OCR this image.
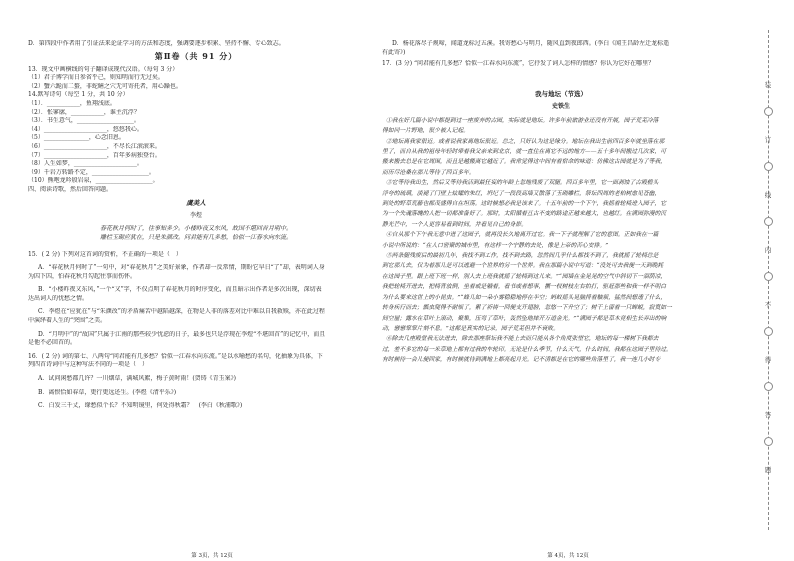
D．第四段中作者用了引证法来论证学习的方法和态度，强调要逐步积累、坚持不懈、专心致志。

第Ⅱ卷（共 91 分）

13．现文中画横线的句子翻译成现代汉语。（每句 3 分）

（1）君子博学而日参省乎己，则知明而行无过矣。

（2）蟹六跪而二螯，非蛇鳝之穴无可寄托者，用心躁也。

14.默写诗句（每空 1 分，共 10 分）

（1）．___________，鱼翔浅底。

（2）．怅寥廓，___________，谁主沉浮？

（3）．书生意气，___________________。

（4）_____________________，悠悠我心。

（5）_______________，心念旧恩。

（6）_____________________，不尽长江滚滚来。

（7）_____________________，百年多病独登台。

（8）人生如梦，_____________________。

（9）千岩万转路不定，___________________。

（10）熊咆龙吟殷岩泉，___________________。

四、阅读诗歌，然后回答问题。

虞美人
李煜
春花秋月何时了，往事知多少。小楼昨夜又东风，故国不堪回首月明中。
雕栏玉砌应犹在，只是朱颜改。问君能有几多愁，恰似一江春水向东流。

15．( 2 分) 下列对这首词的赏析，不正确的一项是（　）

A．“春花秋月何时了”一句中，对“春花秋月”之美好景象，作者却一反常情，期盼它早日“了”却，表明词人身

为囚下囚，怕春花秋月勾起往事而伤怀。

B．“小楼昨夜又东风，”一个“又”字，不仅点明了春花秋月的时序变化，而且暗示出作者是多次出现，深切表

达出词人的忧愁之情。

C．李煜在“应犹在”与“朱颜改”的矛盾痛苦中越陷越深，在物是人非的落差对比中难以自我救赎，亦在此过程

中演绎着人生的“突围”之美。

D．“月明中”的“故国”只属于江南的那些较少忧虑的日子，最多也只是浮现在李煜“不堪回首”的记忆中，而且

是他不必回首的。

16．( 2 分) 词的第七、八两句“问君能有几多愁？恰似一江春水向东流。”是以水喻愁的名句，化抽象为具体，下

列四首诗词中与这种写法不同的一项是（　）

A．试问闲愁都几许？一川烟草，满城风絮，梅子黄时雨！(贺铸《青玉案》)

B．离恨恰如春草，更行更远还生。(李煜《清平乐》)

C．白发三千丈，缘愁似个长？不知明镜里，何处得秋霜？　(李白《秋浦歌》)

第 3页，共 12页

D．杨花落尽子规啼，闻道龙标过五溪。我寄愁心与明月，随风直到夜郎西。(李白《闻王昌龄左迁龙标遥

有此寄》)

17．(3 分) “问君能有几多愁？恰似一江春水向东流”，它抒发了词人怎样的情感？你认为它好在哪里？

我与地坛（节选）
史铁生

①我在好几篇小说中都提到过一座废弃的古园，实际就是地坛。许多年前旅游业还没有开展，园子荒芜冷落

得如同一片野地，很少被人记起。

②地坛离我家很近。或者说我家离地坛很近。总之，只好认为这是缘分。地坛在我出生前四百多年就坐落在那

里了，而自从我的祖母年轻时带着我父亲来到北京，就一直住在离它不远的地方——五十多年间搬过几次家，可

搬来搬去总是在它周围，而且是越搬离它越近了。我常觉得这中间有着宿命的味道：仿佛这古园就是为了等我，

而历尽沧桑在那儿等待了四百多年。

③它等待我出生，然后又等待我活到最狂妄的年龄上忽地残废了双腿。四百多年里，它一面剥蚀了古殿檐头

浮夸的琉璃，淡褪了门壁上炫耀的朱红，坍圮了一段段高墙又散落了玉砌雕栏，祭坛四周的老柏树愈见苍幽，

到处的野草荒藤也都茂盛得自在坦荡。这时候想必我是该来了。十五年前的一个下午，我摇着轮椅进入园子，它

为一个失魂落魄的人把一切都准备好了。那时，太阳循着亘古不变的路途正越来越大，也越红。在满园弥漫的沉

静光芒中，一个人更容易看到时间，并看见自己的身影。

④自从那个下午我无意中进了这园子，就再没长久地离开过它。我一下子就理解了它的意图。正如我在一篇

小说中所说的：“在人口密聚的城市里，有这样一个宁静的去处，像是上帝的苦心安排。”

⑤两条腿残废后的最初几年，我找不到工作，找不到去路，忽然间几乎什么都找不到了，我就摇了轮椅总是

到它那儿去，仅为着那儿是可以逃避一个世界的另一个世界。我在那篇小说中写道：“没处可去我便一天到晚耗

在这园子里。跟上班下班一样，别人去上班我就摇了轮椅到这儿来。”“园墙在金晃晃的空气中斜切下一溜荫凉，

我把轮椅开进去，把椅背放倒，坐着或是躺着，看书或者想事，撅一杈树枝左右拍打，驱赶那些和我一样不明白

为什么要来这世上的小昆虫。”“蜂儿如一朵小雾稳稳地停在半空；蚂蚁摇头晃脑捋着触须，猛然间想透了什么，

转身疾行而去；瓢虫爬得不耐烦了，累了祈祷一回便支开翅膀，忽悠一下升空了；树干上留着一只蝉蜕，寂寞如一

间空屋；露水在草叶上滚动，聚集，压弯了草叶，轰然坠地摔开万道金光。”“满园子都是草木竞相生长弄出的响

动，窸窸窣窣片刻不息。”这都是真实的记录，园子荒芜但并不衰败。

⑥除去几座殿堂我无法进去，除去那座祭坛我不能上去而只能从各个角度张望它，地坛的每一棵树下我都去

过，差不多它的每一米草地上都有过我的车轮印。无论是什么季节，什么天气，什么时间，我都在这园子里待过。

有时候待一会儿便回家，有时候就待到满地上都亮起月光。记不清都是在它的哪些角落里了，我一连几小时专

第 4页，共 12页
装
订
线
内
不
得
答
题
